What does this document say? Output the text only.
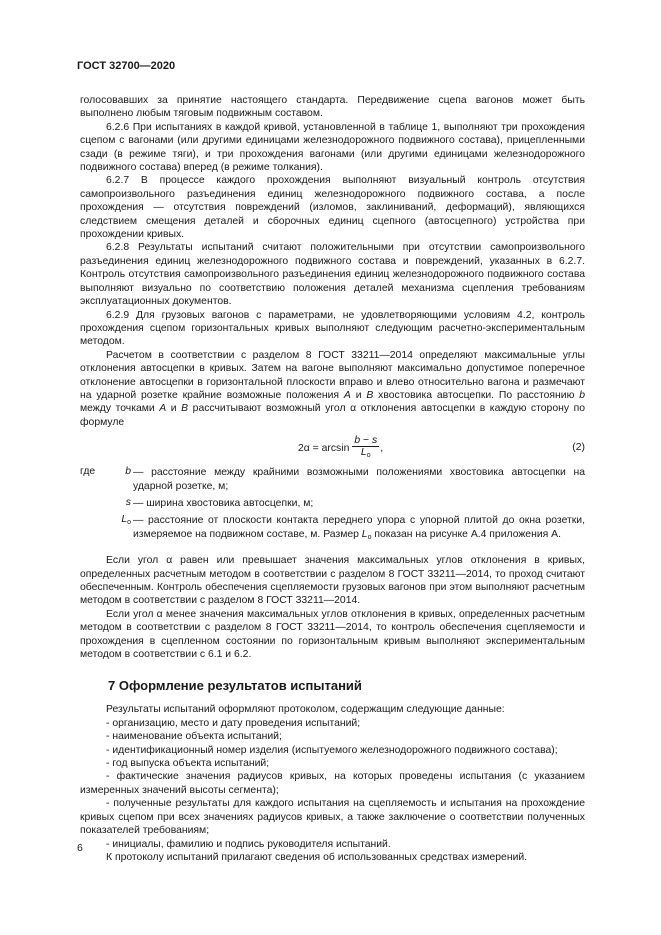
ГОСТ 32700—2020

голосовавших за принятие настоящего стандарта. Передвижение сцепа вагонов может быть выполнено любым тяговым подвижным составом.

6.2.6 При испытаниях в каждой кривой, установленной в таблице 1, выполняют три прохождения сцепом с вагонами (или другими единицами железнодорожного подвижного состава), прицепленными сзади (в режиме тяги), и три прохождения вагонами (или другими единицами железнодорожного подвижного состава) вперед (в режиме толкания).

6.2.7 В процессе каждого прохождения выполняют визуальный контроль отсутствия самопроизвольного разъединения единиц железнодорожного подвижного состава, а после прохождения — отсутствия повреждений (изломов, заклиниваний, деформаций), являющихся следствием смещения деталей и сборочных единиц сцепного (автосцепного) устройства при прохождении кривых.

6.2.8 Результаты испытаний считают положительными при отсутствии самопроизвольного разъединения единиц железнодорожного подвижного состава и повреждений, указанных в 6.2.7. Контроль отсутствия самопроизвольного разъединения единиц железнодорожного подвижного состава выполняют визуально по соответствию положения деталей механизма сцепления требованиям эксплуатационных документов.

6.2.9 Для грузовых вагонов с параметрами, не удовлетворяющими условиям 4.2, контроль прохождения сцепом горизонтальных кривых выполняют следующим расчетно-экспериментальным методом.

Расчетом в соответствии с разделом 8 ГОСТ 33211—2014 определяют максимальные углы отклонения автосцепки в кривых. Затем на вагоне выполняют максимально допустимое поперечное отклонение автосцепки в горизонтальной плоскости вправо и влево относительно вагона и размечают на ударной розетке крайние возможные положения А и В хвостовика автосцепки. По расстоянию b между точками А и В рассчитывают возможный угол α отклонения автосцепки в каждую сторону по формуле

$2\alpha = \arcsin \frac{b - s}{L_o}$ ,	(2)
где	b — расстояние между крайними возможными положениями хвостовика автосцепки на ударной розетке, м;
s — ширина хвостовика автосцепки, м;
$L_o$ — расстояние от плоскости контакта переднего упора с упорной плитой до окна розетки, измеряемое на подвижном составе, м. Размер $L_o$ показан на рисунке А.4 приложения А.

Если угол α равен или превышает значения максимальных углов отклонения в кривых, определенных расчетным методом в соответствии с разделом 8 ГОСТ 33211—2014, то проход считают обеспеченным. Контроль обеспечения сцепляемости грузовых вагонов при этом выполняют расчетным методом в соответствии с разделом 8 ГОСТ 33211—2014.

Если угол α менее значения максимальных углов отклонения в кривых, определенных расчетным методом в соответствии с разделом 8 ГОСТ 33211—2014, то контроль обеспечения сцепляемости и прохождения в сцепленном состоянии по горизонтальным кривым выполняют экспериментальным методом в соответствии с 6.1 и 6.2.

7 Оформление результатов испытаний

Результаты испытаний оформляют протоколом, содержащим следующие данные:

- организацию, место и дату проведения испытаний;

- наименование объекта испытаний;

- идентификационный номер изделия (испытуемого железнодорожного подвижного состава);

- год выпуска объекта испытаний;

- фактические значения радиусов кривых, на которых проведены испытания (с указанием измеренных значений высоты сегмента);

- полученные результаты для каждого испытания на сцепляемость и испытания на прохождение кривых сцепом при всех значениях радиусов кривых, а также заключение о соответствии полученных показателей требованиям;

- инициалы, фамилию и подпись руководителя испытаний.

К протоколу испытаний прилагают сведения об использованных средствах измерений.

6
